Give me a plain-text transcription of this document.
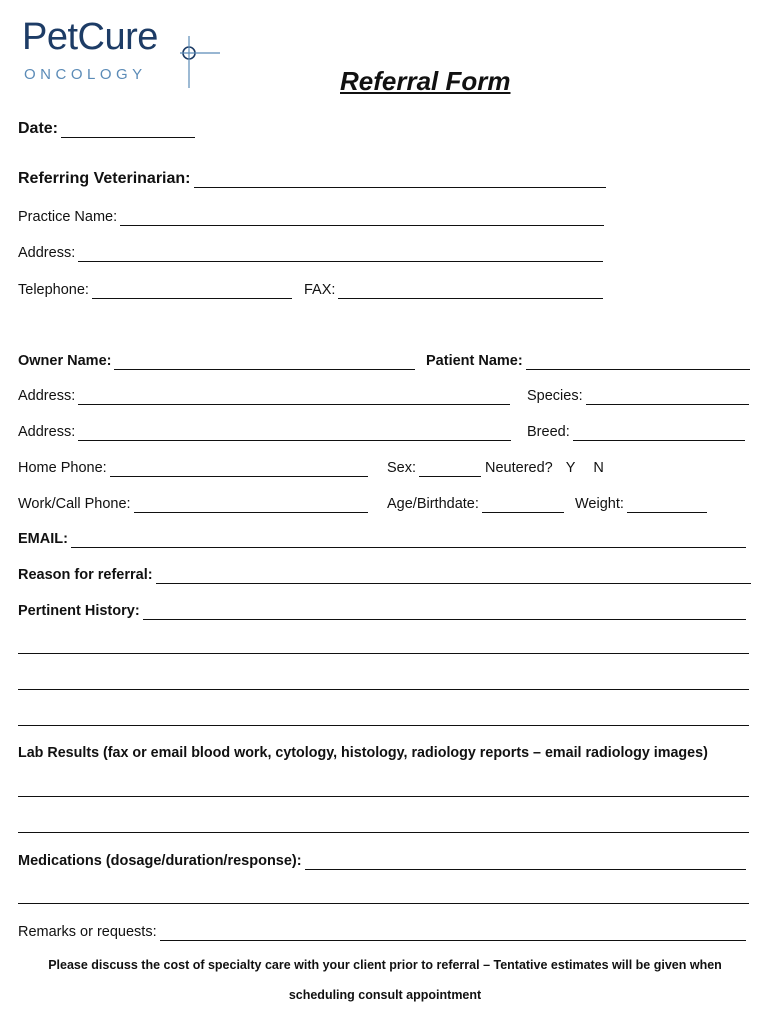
PetCure
ONCOLOGY	Referral Form
Date:
Referring Veterinarian:
Practice Name:
Address:
Telephone:	FAX:
Owner Name:	Patient Name:
Address:	Species:
Address:	Breed:
Home Phone:	Sex:	Neutered? Y N
Work/Call Phone:	Age/Birthdate:	Weight:
EMAIL:
Reason for referral:
Pertinent History:
Lab Results (fax or email blood work, cytology, histology, radiology reports – email radiology images)
Medications (dosage/duration/response):
Remarks or requests:
Please discuss the cost of specialty care with your client prior to referral – Tentative estimates will be given when
scheduling consult appointment
